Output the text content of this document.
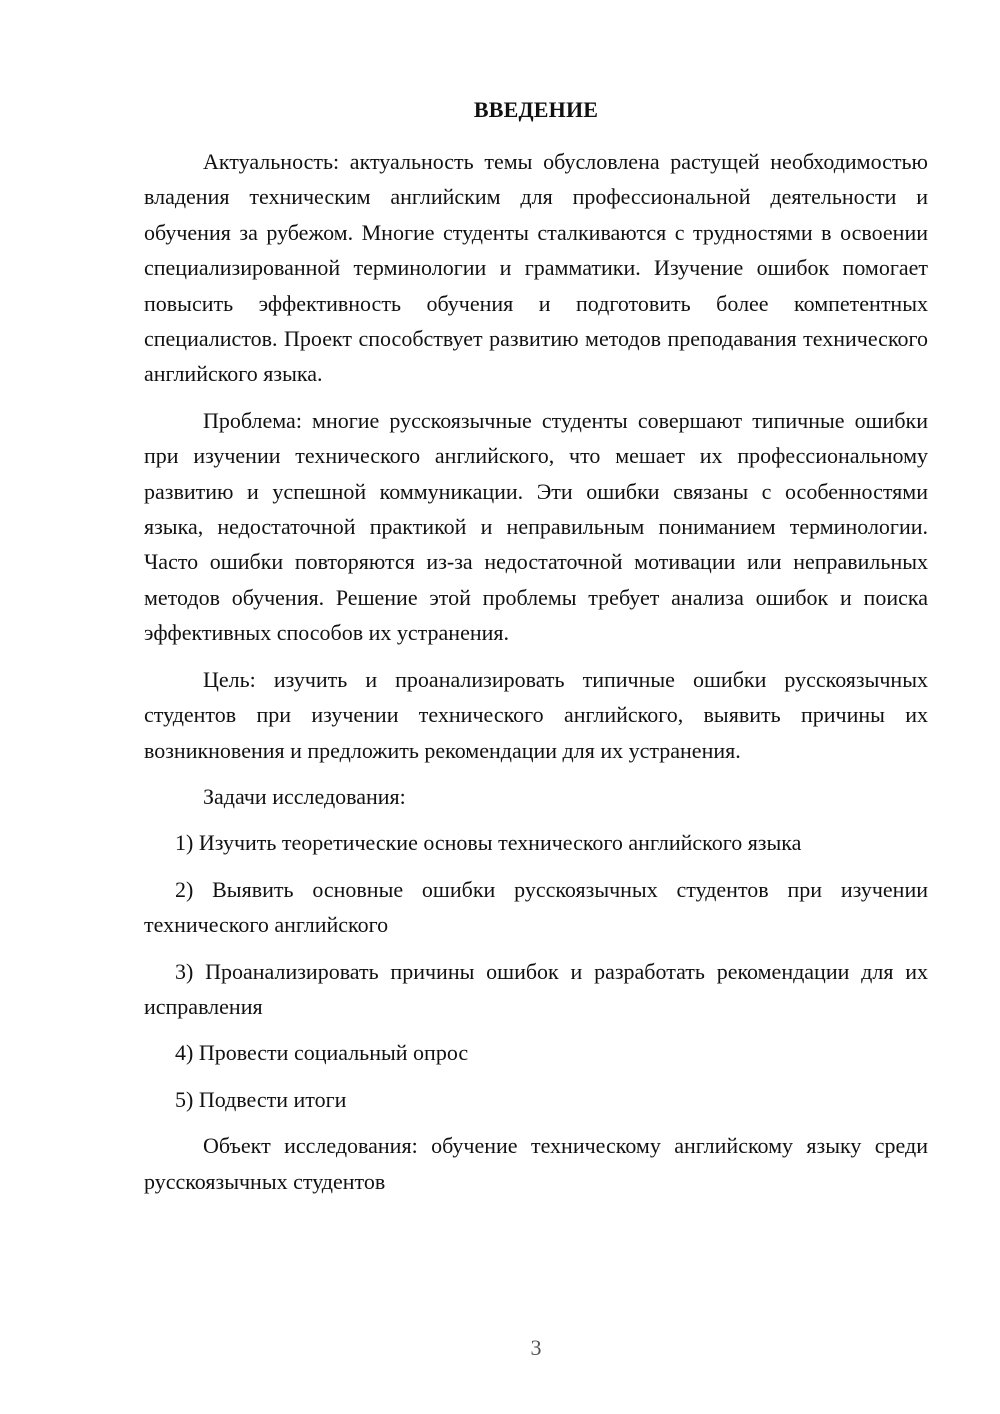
ВВЕДЕНИЕ

Актуальность: актуальность темы обусловлена растущей необходимостью владения техническим английским для профессиональной деятельности и обучения за рубежом. Многие студенты сталкиваются с трудностями в освоении специализированной терминологии и грамматики. Изучение ошибок помогает повысить эффективность обучения и подготовить более компетентных специалистов. Проект способствует развитию методов преподавания технического английского языка.

Проблема: многие русскоязычные студенты совершают типичные ошибки при изучении технического английского, что мешает их профессиональному развитию и успешной коммуникации. Эти ошибки связаны с особенностями языка, недостаточной практикой и неправильным пониманием терминологии. Часто ошибки повторяются из-за недостаточной мотивации или неправильных методов обучения. Решение этой проблемы требует анализа ошибок и поиска эффективных способов их устранения.

Цель: изучить и проанализировать типичные ошибки русскоязычных студентов при изучении технического английского, выявить причины их возникновения и предложить рекомендации для их устранения.

Задачи исследования:

1) Изучить теоретические основы технического английского языка

2) Выявить основные ошибки русскоязычных студентов при изучении технического английского

3) Проанализировать причины ошибок и разработать рекомендации для их исправления

4) Провести социальный опрос

5) Подвести итоги

Объект исследования: обучение техническому английскому языку среди русскоязычных студентов

3
